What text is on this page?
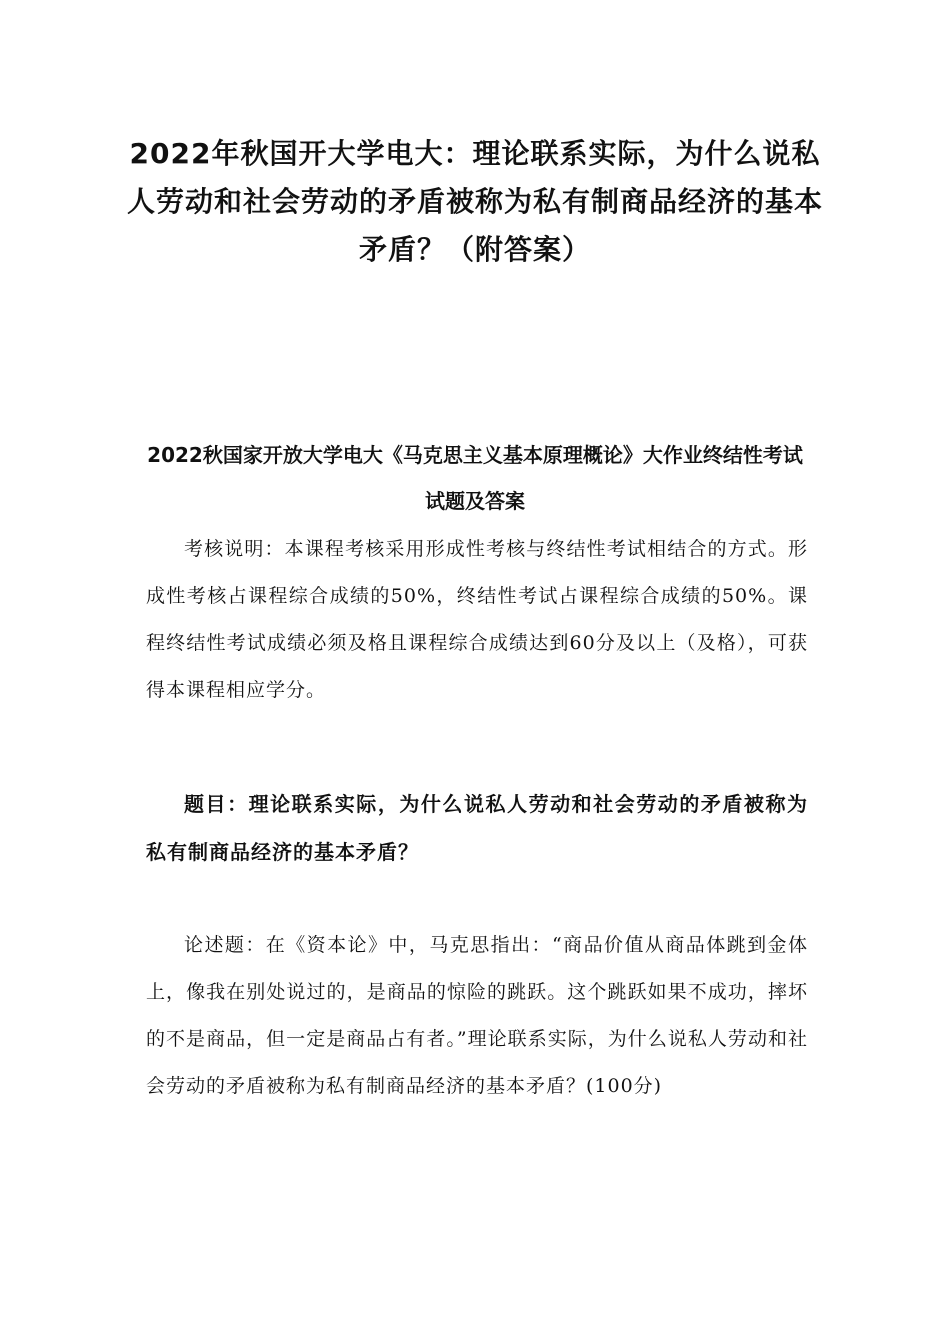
2022年秋国开大学电大：理论联系实际，为什么说私人劳动和社会劳动的矛盾被称为私有制商品经济的基本矛盾？（附答案）
2022秋国家开放大学电大《马克思主义基本原理概论》大作业终结性考试试题及答案
考核说明：本课程考核采用形成性考核与终结性考试相结合的方式。形成性考核占课程综合成绩的50%，终结性考试占课程综合成绩的50%。课程终结性考试成绩必须及格且课程综合成绩达到60分及以上（及格），可获得本课程相应学分。
题目：理论联系实际，为什么说私人劳动和社会劳动的矛盾被称为私有制商品经济的基本矛盾？
论述题：在《资本论》中，马克思指出：“商品价值从商品体跳到金体上，像我在别处说过的，是商品的惊险的跳跃。这个跳跃如果不成功，摔坏的不是商品，但一定是商品占有者。”理论联系实际，为什么说私人劳动和社会劳动的矛盾被称为私有制商品经济的基本矛盾？(100分)
